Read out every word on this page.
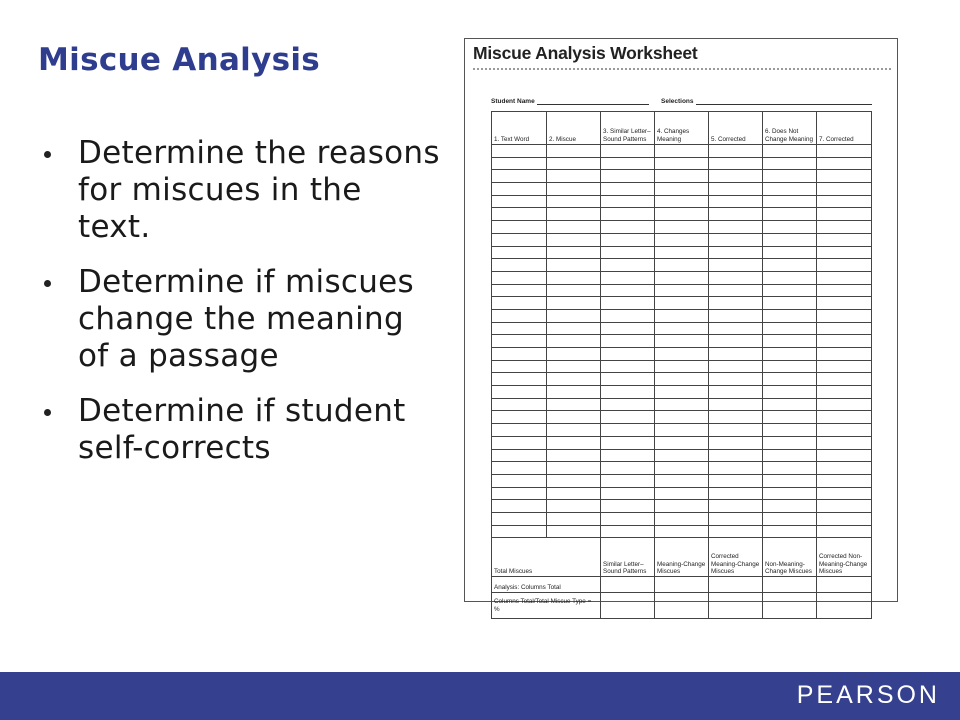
Miscue Analysis
Determine the reasons for miscues in the text.
Determine if miscues change the meaning of a passage
Determine if student self-corrects
Miscue Analysis Worksheet
Student Name	Selections
1. Text Word	2. Miscue	3. Similar Letter–Sound Patterns	4. Changes Meaning	5. Corrected	6. Does Not Change Meaning	7. Corrected

Total Miscues		Similar Letter–Sound Patterns	Meaning-Change Miscues	Corrected Meaning-Change Miscues	Non-Meaning-Change Miscues	Corrected Non-Meaning-Change Miscues
Analysis: Columns Total						
Columns Total/Total Miscue Type = %						
PEARSON
